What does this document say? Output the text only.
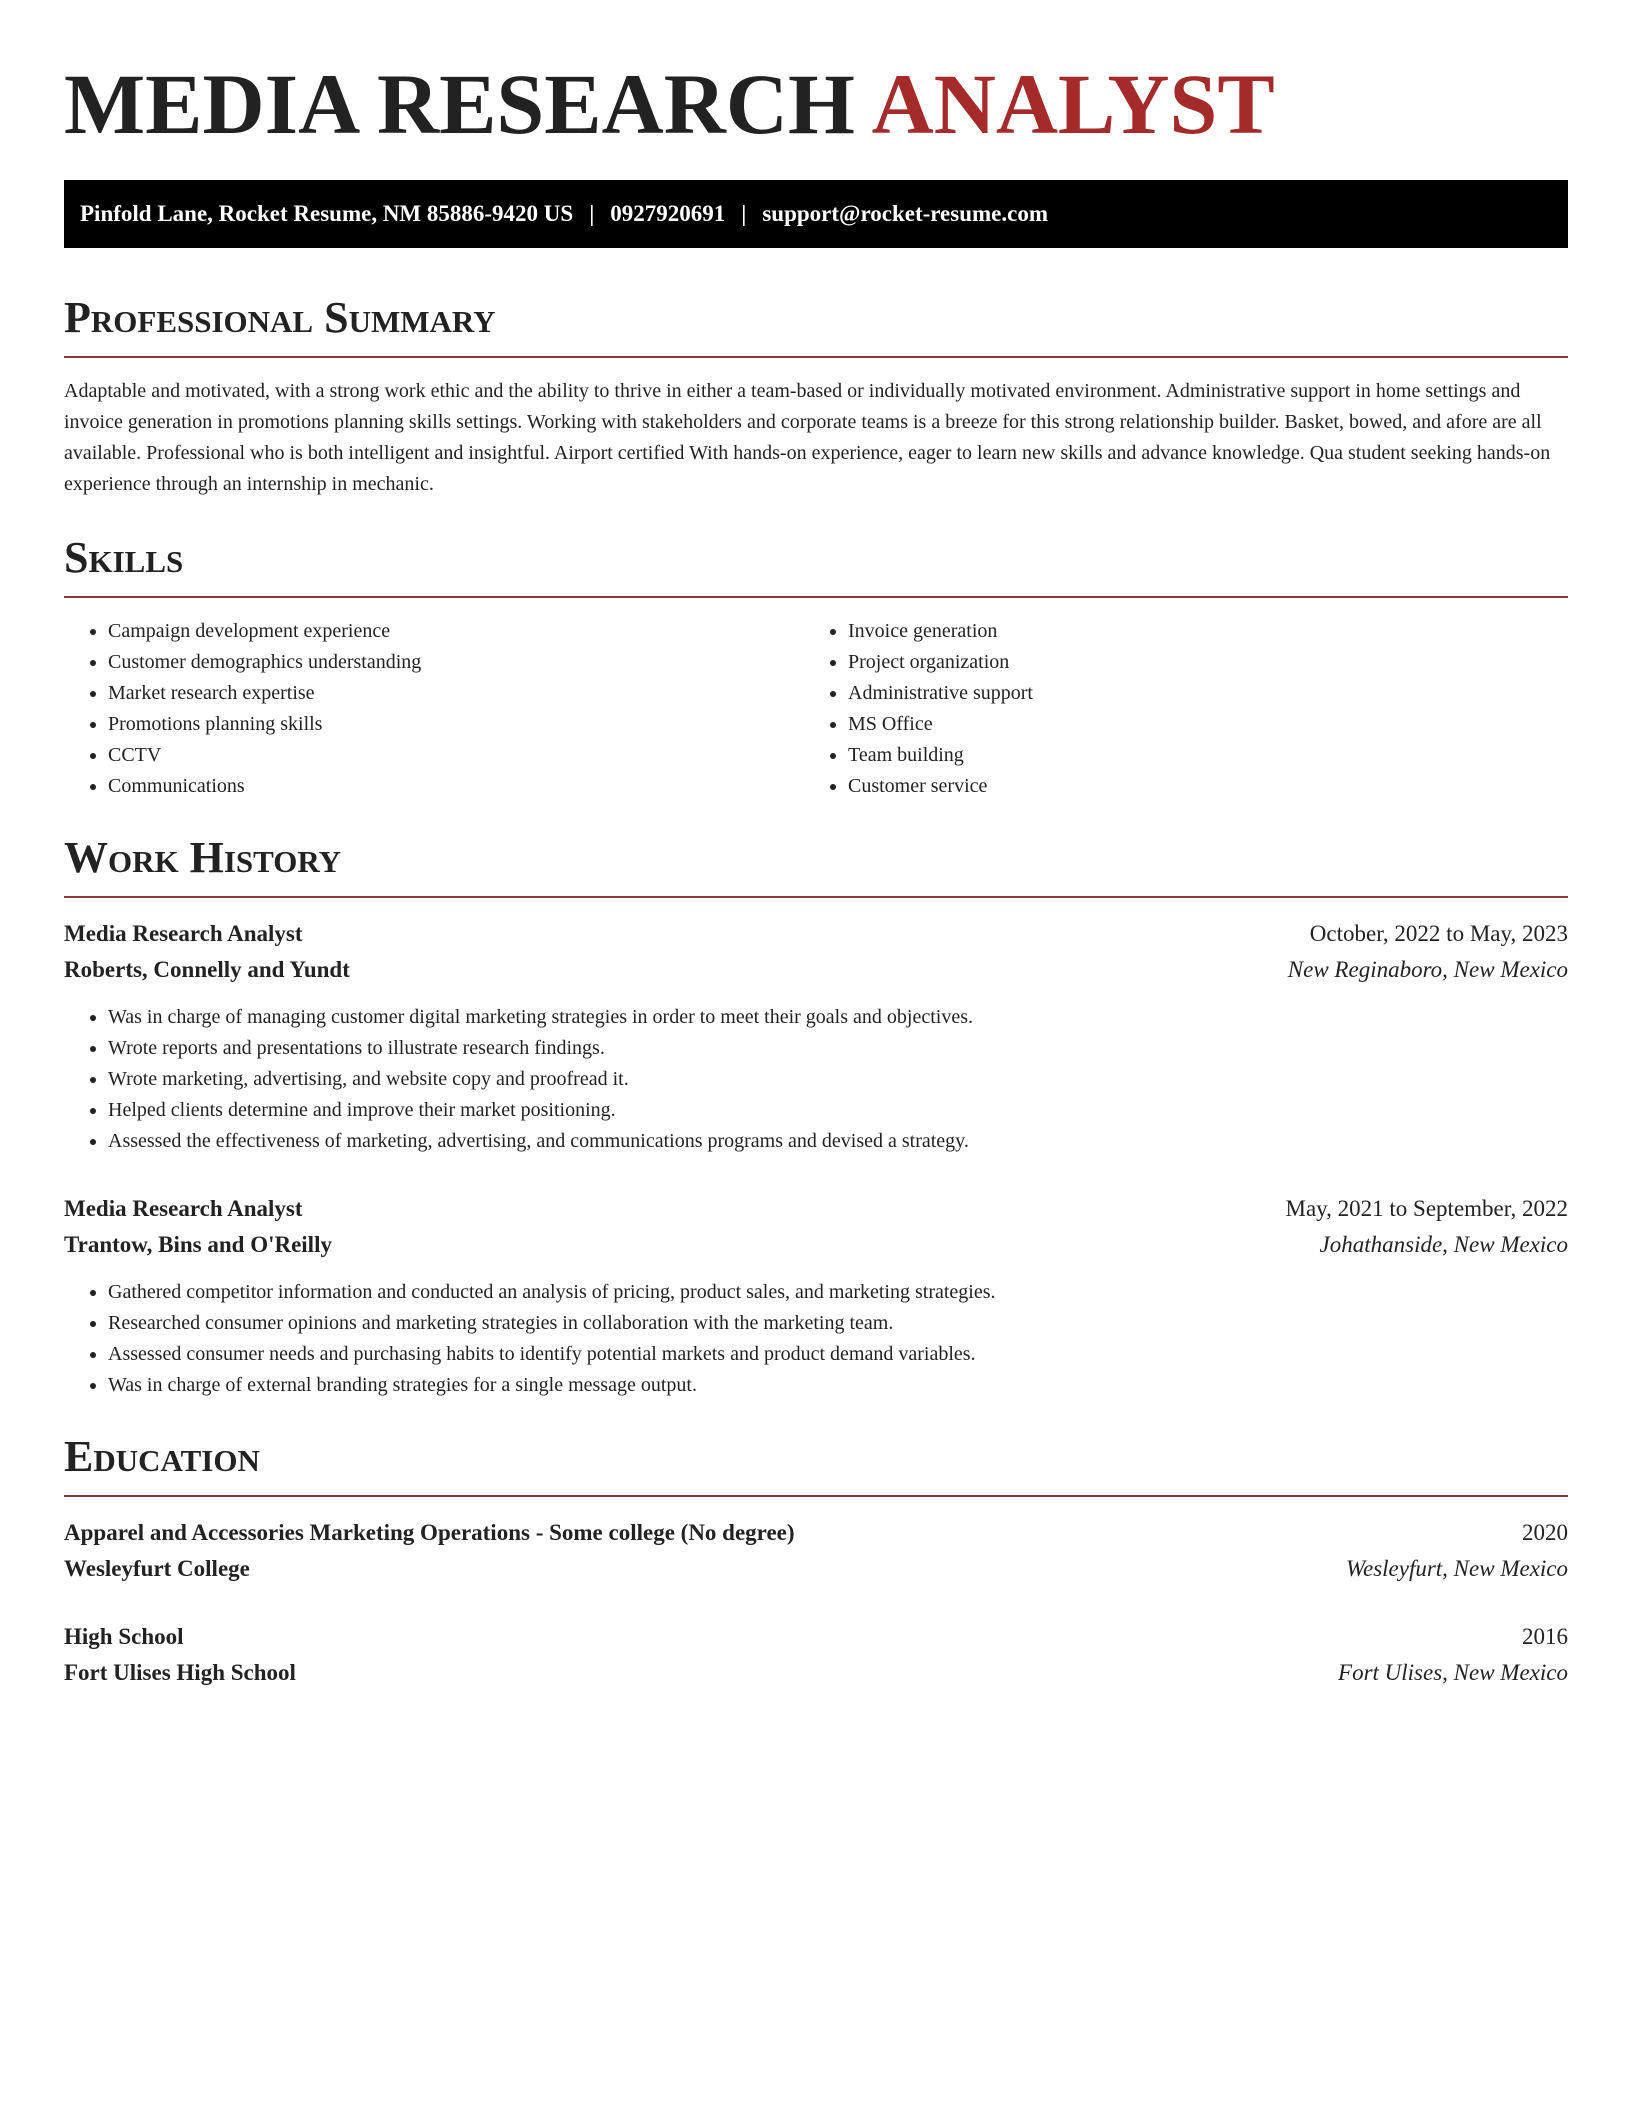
MEDIA RESEARCH ANALYST
Pinfold Lane, Rocket Resume, NM 85886-9420 US | 0927920691 | support@rocket-resume.com
Professional Summary

Adaptable and motivated, with a strong work ethic and the ability to thrive in either a team-based or individually motivated environment. Administrative support in home settings and invoice generation in promotions planning skills settings. Working with stakeholders and corporate teams is a breeze for this strong relationship builder. Basket, bowed, and afore are all available. Professional who is both intelligent and insightful. Airport certified With hands-on experience, eager to learn new skills and advance knowledge. Qua student seeking hands-on experience through an internship in mechanic.

Skills
• Campaign development experience
• Customer demographics understanding
• Market research expertise
• Promotions planning skills
• CCTV
• Communications
• Invoice generation
• Project organization
• Administrative support
• MS Office
• Team building
• Customer service
Work History
Media Research Analyst	October, 2022 to May, 2023
Roberts, Connelly and Yundt	New Reginaboro, New Mexico
• Was in charge of managing customer digital marketing strategies in order to meet their goals and objectives.
• Wrote reports and presentations to illustrate research findings.
• Wrote marketing, advertising, and website copy and proofread it.
• Helped clients determine and improve their market positioning.
• Assessed the effectiveness of marketing, advertising, and communications programs and devised a strategy.
Media Research Analyst	May, 2021 to September, 2022
Trantow, Bins and O'Reilly	Johathanside, New Mexico
• Gathered competitor information and conducted an analysis of pricing, product sales, and marketing strategies.
• Researched consumer opinions and marketing strategies in collaboration with the marketing team.
• Assessed consumer needs and purchasing habits to identify potential markets and product demand variables.
• Was in charge of external branding strategies for a single message output.
Education
Apparel and Accessories Marketing Operations - Some college (No degree)	2020
Wesleyfurt College	Wesleyfurt, New Mexico
High School	2016
Fort Ulises High School	Fort Ulises, New Mexico
